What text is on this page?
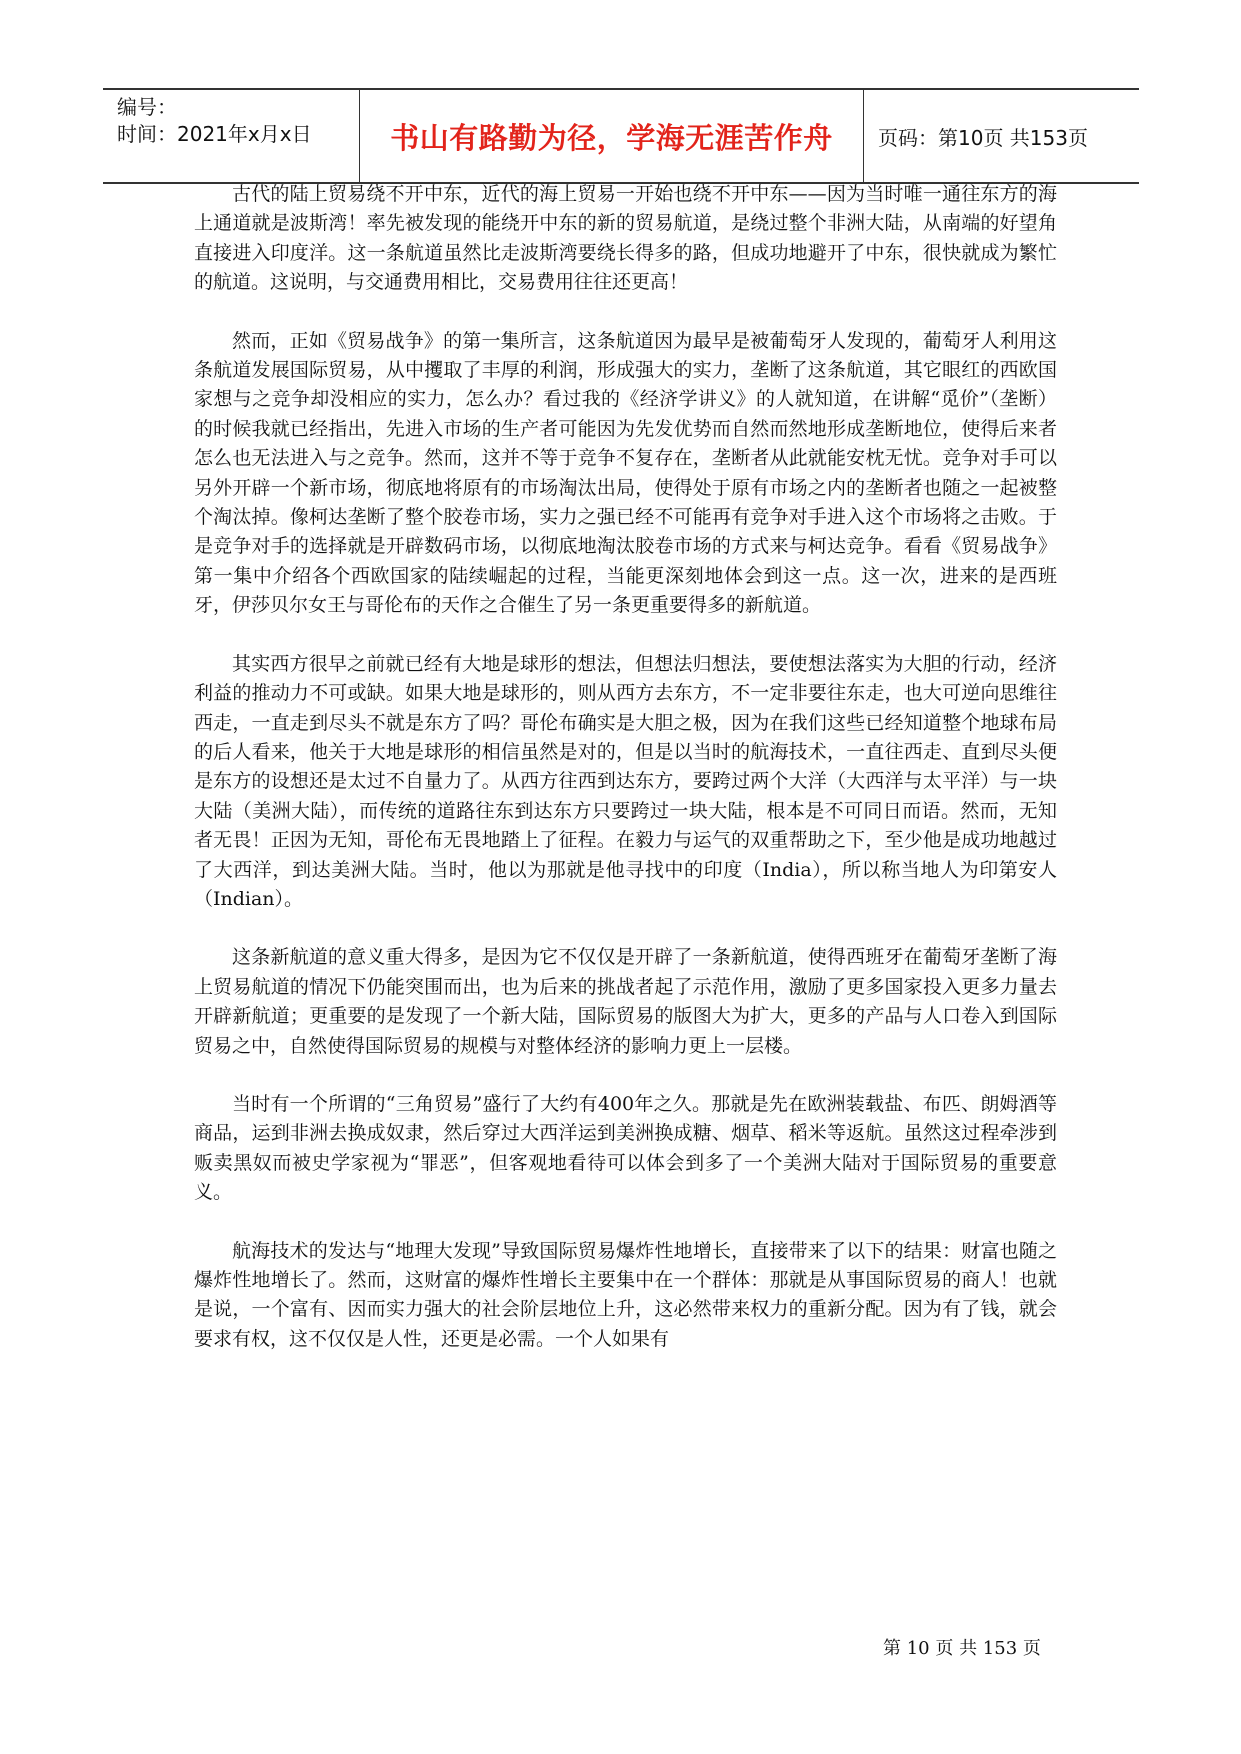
编号：
时间：2021年x月x日	书山有路勤为径，学海无涯苦作舟 页码：第10页 共153页

古代的陆上贸易绕不开中东，近代的海上贸易一开始也绕不开中东——因为当时唯一通往东方的海上通道就是波斯湾！率先被发现的能绕开中东的新的贸易航道，是绕过整个非洲大陆，从南端的好望角直接进入印度洋。这一条航道虽然比走波斯湾要绕长得多的路，但成功地避开了中东，很快就成为繁忙的航道。这说明，与交通费用相比，交易费用往往还更高！

然而，正如《贸易战争》的第一集所言，这条航道因为最早是被葡萄牙人发现的，葡萄牙人利用这条航道发展国际贸易，从中攫取了丰厚的利润，形成强大的实力，垄断了这条航道，其它眼红的西欧国家想与之竞争却没相应的实力，怎么办？看过我的《经济学讲义》的人就知道，在讲解“觅价”（垄断）的时候我就已经指出，先进入市场的生产者可能因为先发优势而自然而然地形成垄断地位，使得后来者怎么也无法进入与之竞争。然而，这并不等于竞争不复存在，垄断者从此就能安枕无忧。竞争对手可以另外开辟一个新市场，彻底地将原有的市场淘汰出局，使得处于原有市场之内的垄断者也随之一起被整个淘汰掉。像柯达垄断了整个胶卷市场，实力之强已经不可能再有竞争对手进入这个市场将之击败。于是竞争对手的选择就是开辟数码市场，以彻底地淘汰胶卷市场的方式来与柯达竞争。看看《贸易战争》第一集中介绍各个西欧国家的陆续崛起的过程，当能更深刻地体会到这一点。这一次，进来的是西班牙，伊莎贝尔女王与哥伦布的天作之合催生了另一条更重要得多的新航道。

其实西方很早之前就已经有大地是球形的想法，但想法归想法，要使想法落实为大胆的行动，经济利益的推动力不可或缺。如果大地是球形的，则从西方去东方，不一定非要往东走，也大可逆向思维往西走，一直走到尽头不就是东方了吗？哥伦布确实是大胆之极，因为在我们这些已经知道整个地球布局的后人看来，他关于大地是球形的相信虽然是对的，但是以当时的航海技术，一直往西走、直到尽头便是东方的设想还是太过不自量力了。从西方往西到达东方，要跨过两个大洋（大西洋与太平洋）与一块大陆（美洲大陆），而传统的道路往东到达东方只要跨过一块大陆，根本是不可同日而语。然而，无知者无畏！正因为无知，哥伦布无畏地踏上了征程。在毅力与运气的双重帮助之下，至少他是成功地越过了大西洋，到达美洲大陆。当时，他以为那就是他寻找中的印度（India），所以称当地人为印第安人（Indian）。

这条新航道的意义重大得多，是因为它不仅仅是开辟了一条新航道，使得西班牙在葡萄牙垄断了海上贸易航道的情况下仍能突围而出，也为后来的挑战者起了示范作用，激励了更多国家投入更多力量去开辟新航道；更重要的是发现了一个新大陆，国际贸易的版图大为扩大，更多的产品与人口卷入到国际贸易之中，自然使得国际贸易的规模与对整体经济的影响力更上一层楼。

当时有一个所谓的“三角贸易”盛行了大约有400年之久。那就是先在欧洲装载盐、布匹、朗姆酒等商品，运到非洲去换成奴隶，然后穿过大西洋运到美洲换成糖、烟草、稻米等返航。虽然这过程牵涉到贩卖黑奴而被史学家视为“罪恶”，但客观地看待可以体会到多了一个美洲大陆对于国际贸易的重要意义。

航海技术的发达与“地理大发现”导致国际贸易爆炸性地增长，直接带来了以下的结果：财富也随之爆炸性地增长了。然而，这财富的爆炸性增长主要集中在一个群体：那就是从事国际贸易的商人！也就是说，一个富有、因而实力强大的社会阶层地位上升，这必然带来权力的重新分配。因为有了钱，就会要求有权，这不仅仅是人性，还更是必需。一个人如果有

第 10 页 共 153 页
